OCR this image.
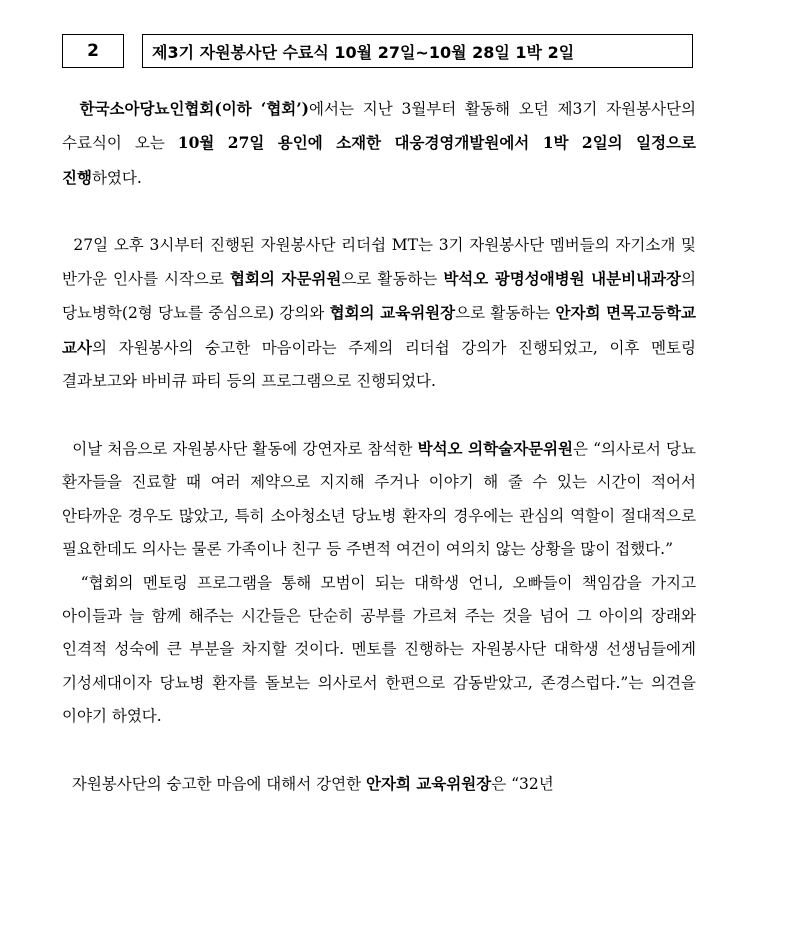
2	제3기 자원봉사단 수료식 10월 27일~10월 28일 1박 2일

한국소아당뇨인협회(이하 ‘협회’)에서는 지난 3월부터 활동해 오던 제3기 자원봉사단의 수료식이 오는 10월 27일 용인에 소재한 대웅경영개발원에서 1박 2일의 일정으로 진행하였다.

27일 오후 3시부터 진행된 자원봉사단 리더쉽 MT는 3기 자원봉사단 멤버들의 자기소개 및 반가운 인사를 시작으로 협회의 자문위원으로 활동하는 박석오 광명성애병원 내분비내과장의 당뇨병학(2형 당뇨를 중심으로) 강의와 협회의 교육위원장으로 활동하는 안자희 면목고등학교 교사의 자원봉사의 숭고한 마음이라는 주제의 리더쉽 강의가 진행되었고, 이후 멘토링 결과보고와 바비큐 파티 등의 프로그램으로 진행되었다.

이날 처음으로 자원봉사단 활동에 강연자로 참석한 박석오 의학술자문위원은 “의사로서 당뇨 환자들을 진료할 때 여러 제약으로 지지해 주거나 이야기 해 줄 수 있는 시간이 적어서 안타까운 경우도 많았고, 특히 소아청소년 당뇨병 환자의 경우에는 관심의 역할이 절대적으로 필요한데도 의사는 물론 가족이나 친구 등 주변적 여건이 여의치 않는 상황을 많이 접했다.”

“협회의 멘토링 프로그램을 통해 모범이 되는 대학생 언니, 오빠들이 책임감을 가지고 아이들과 늘 함께 해주는 시간들은 단순히 공부를 가르쳐 주는 것을 넘어 그 아이의 장래와 인격적 성숙에 큰 부분을 차지할 것이다. 멘토를 진행하는 자원봉사단 대학생 선생님들에게 기성세대이자 당뇨병 환자를 돌보는 의사로서 한편으로 감동받았고, 존경스럽다.”는 의견을 이야기 하였다.

자원봉사단의 숭고한 마음에 대해서 강연한 안자희 교육위원장은 “32년
